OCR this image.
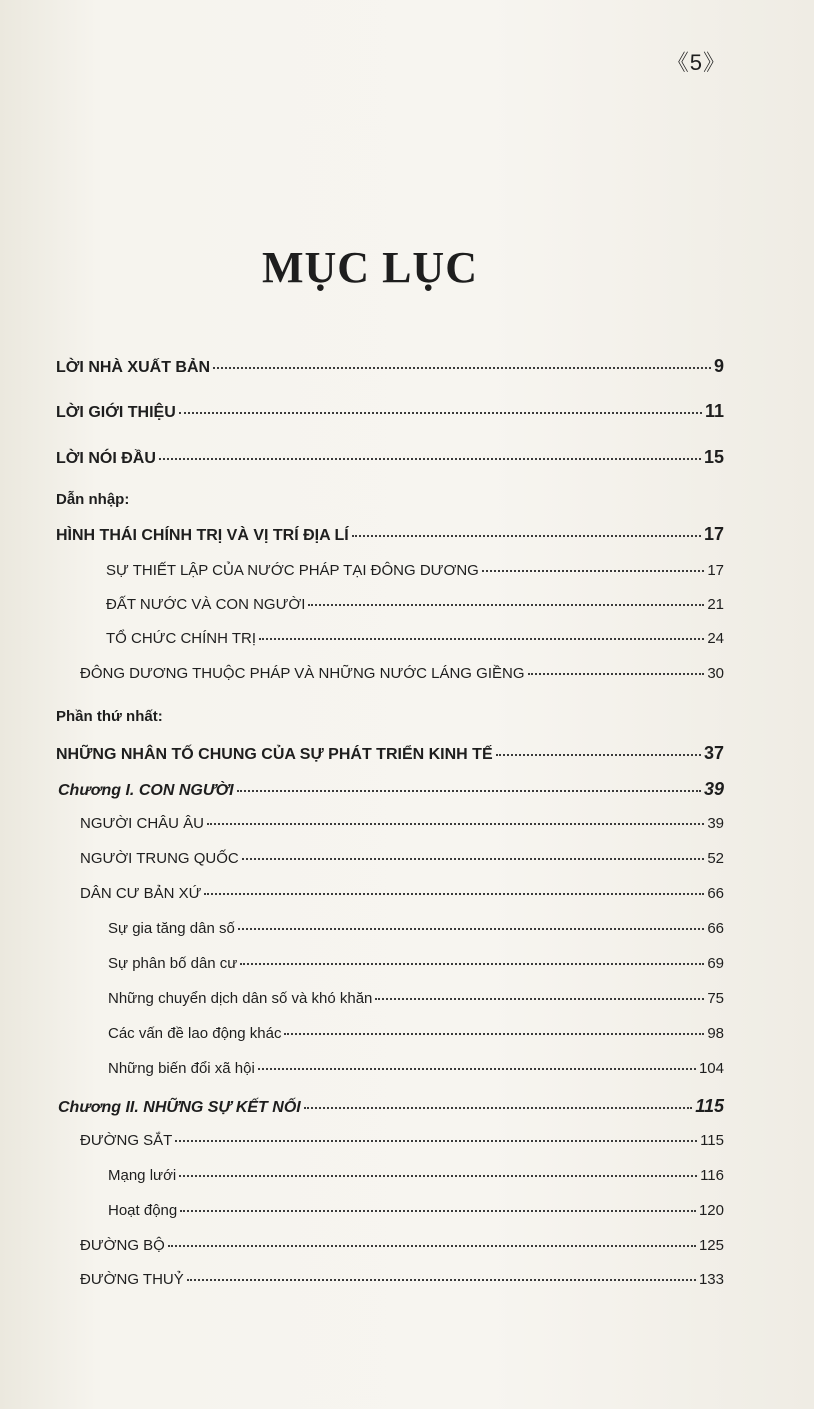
《5》
MỤC LỤC
LỜI NHÀ XUẤT BẢN	9
LỜI GIỚI THIỆU	11
LỜI NÓI ĐẦU	15
Dẫn nhập:
HÌNH THÁI CHÍNH TRỊ VÀ VỊ TRÍ ĐỊA LÍ	17
SỰ THIẾT LẬP CỦA NƯỚC PHÁP TẠI ĐÔNG DƯƠNG	17
ĐẤT NƯỚC VÀ CON NGƯỜI	21
TỔ CHỨC CHÍNH TRỊ	24
ĐÔNG DƯƠNG THUỘC PHÁP VÀ NHỮNG NƯỚC LÁNG GIỀNG	30
Phần thứ nhất:
NHỮNG NHÂN TỐ CHUNG CỦA SỰ PHÁT TRIỂN KINH TẾ	37
Chương I. CON NGƯỜI	39
NGƯỜI CHÂU ÂU	39
NGƯỜI TRUNG QUỐC	52
DÂN CƯ BẢN XỨ	66
Sự gia tăng dân số	66
Sự phân bố dân cư	69
Những chuyển dịch dân số và khó khăn	75
Các vấn đề lao động khác	98
Những biến đổi xã hội	104
Chương II. NHỮNG SỰ KẾT NỐI	115
ĐƯỜNG SẮT	115
Mạng lưới	116
Hoạt động	120
ĐƯỜNG BỘ	125
ĐƯỜNG THUỶ	133
